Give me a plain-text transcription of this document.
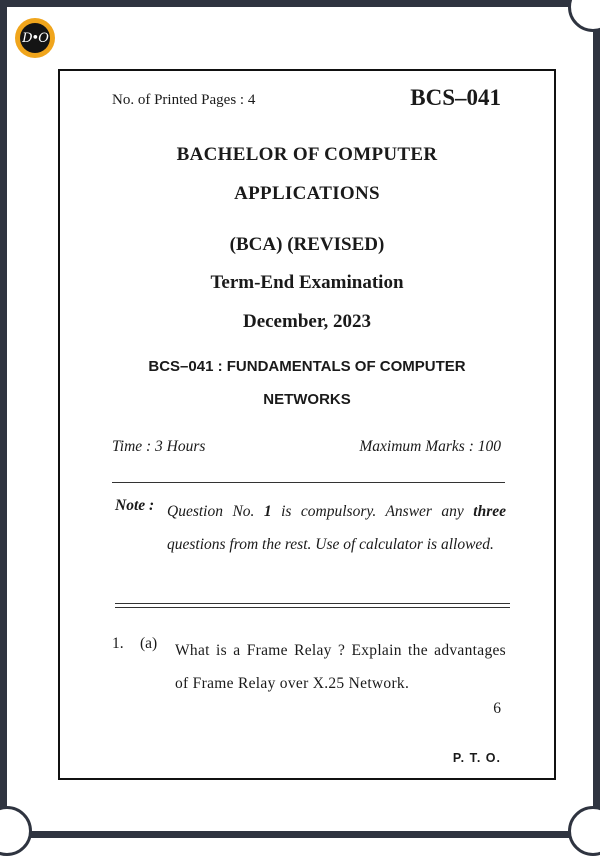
D•O
No. of Printed Pages : 4	BCS–041
BACHELOR OF COMPUTER
APPLICATIONS
(BCA) (REVISED)
Term-End Examination
December, 2023
BCS–041 : FUNDAMENTALS OF COMPUTER
NETWORKS
Time : 3 Hours	Maximum Marks : 100
Note : Question No. 1 is compulsory. Answer any three questions from the rest. Use of calculator is allowed.
1. (a) What is a Frame Relay ? Explain the advantages of Frame Relay over X.25 Network.
6
P. T. O.
